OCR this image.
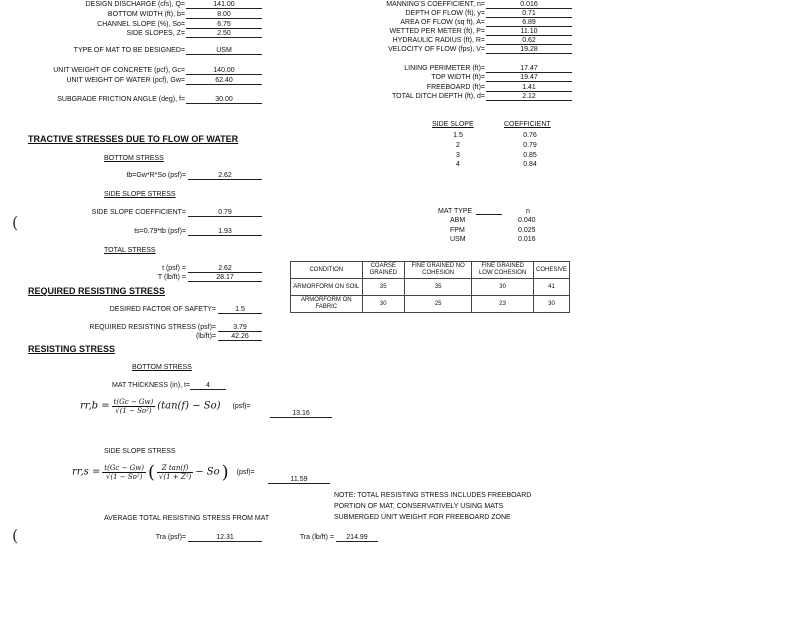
DESIGN DISCHARGE (cfs), Q=	141.00
BOTTOM WIDTH (ft), b=	8.00
CHANNEL SLOPE (%), So=	6.75
SIDE SLOPES, Z=	2.50
TYPE OF MAT TO BE DESIGNED=	USM
UNIT WEIGHT OF CONCRETE (pcf), Gc=	140.00
UNIT WEIGHT OF WATER (pcf), Gw=	62.40
SUBGRADE FRICTION ANGLE (deg), f=	30.00
MANNING'S COEFFICIENT, n=	0.016
DEPTH OF FLOW (ft), y=	0.71
AREA OF FLOW (sq ft), A=	6.89
WETTED PER METER (ft), P=	11.10
HYDRAULIC RADIUS (ft), R=	0.62
VELOCITY OF FLOW (fps), V=	19.28
LINING PERIMETER (ft)=	17.47
TOP WIDTH (ft)=	19.47
FREEBOARD (ft)=	1.41
TOTAL DITCH DEPTH (ft), d=	2.12
SIDE SLOPE	COEFFICIENT
1.5	0.76
2	0.79
3	0.85
4	0.84
MAT TYPE	n
ABM	0.040
FPM	0.025
USM	0.016
TRACTIVE STRESSES DUE TO FLOW OF WATER
BOTTOM STRESS
tb=Gw*R*So (psf)=	2.62
SIDE SLOPE STRESS
SIDE SLOPE COEFFICIENT=	0.79
ts=0.79*tb (psf)=	1.93
TOTAL STRESS
t (psf) =	2.62
T (lb/ft) =	28.17
(
CONDITION	COARSE GRAINED	FINE GRAINED NO COHESION	FINE GRAINED LOW COHESION	COHESIVE
ARMORFORM ON SOIL	35	35	30	41
ARMORFORM ON FABRIC	30	25	23	30
REQUIRED RESISTING STRESS
DESIRED FACTOR OF SAFETY=	1.5
REQUIRED RESISTING STRESS (psf)=	3.79
(lb/ft)=	42.26
RESISTING STRESS
BOTTOM STRESS
MAT THICKNESS (in), t=	4
$rr,b = \frac{t(Gc - Gw)}{\text{√(1 − So²)}} (\tan(f) - So)$ (psf)=
13.16
SIDE SLOPE STRESS
$rr,s = \frac{t(Gc - Gw)}{\text{√(1 − So²)}}$ ( $\frac{\text{Z tan(f)}}{\text{√(1 + Z²)}} - So$ ) (psf)=
11.59
AVERAGE TOTAL RESISTING STRESS FROM MAT
Tra (psf)=	12.31	Tra (lb/ft) =	214.99
(
NOTE: TOTAL RESISTING STRESS INCLUDES FREEBOARD
PORTION OF MAT, CONSERVATIVELY USING MATS
SUBMERGED UNIT WEIGHT FOR FREEBOARD ZONE
